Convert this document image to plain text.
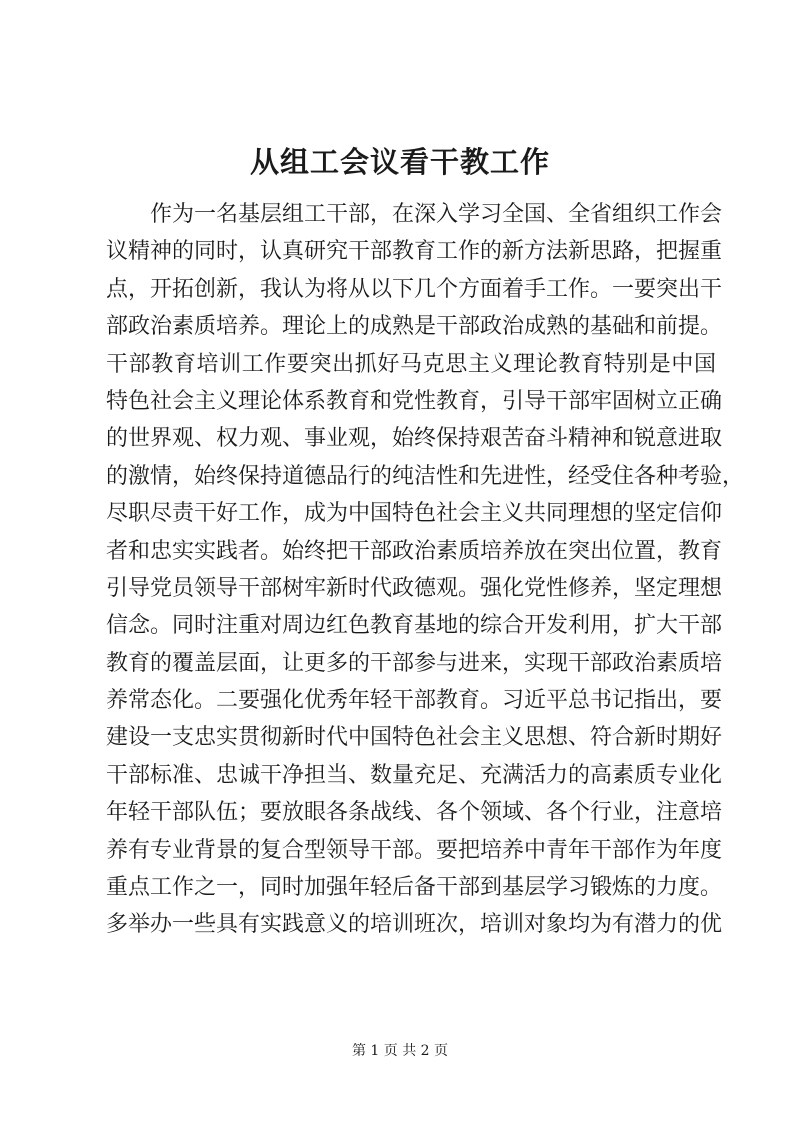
从组工会议看干教工作
作为一名基层组工干部，在深入学习全国、全省组织工作会
议精神的同时，认真研究干部教育工作的新方法新思路，把握重
点，开拓创新，我认为将从以下几个方面着手工作。一要突出干
部政治素质培养。理论上的成熟是干部政治成熟的基础和前提。
干部教育培训工作要突出抓好马克思主义理论教育特别是中国
特色社会主义理论体系教育和党性教育，引导干部牢固树立正确
的世界观、权力观、事业观，始终保持艰苦奋斗精神和锐意进取
的激情，始终保持道德品行的纯洁性和先进性，经受住各种考验，
尽职尽责干好工作，成为中国特色社会主义共同理想的坚定信仰
者和忠实实践者。始终把干部政治素质培养放在突出位置，教育
引导党员领导干部树牢新时代政德观。强化党性修养，坚定理想
信念。同时注重对周边红色教育基地的综合开发利用，扩大干部
教育的覆盖层面，让更多的干部参与进来，实现干部政治素质培
养常态化。二要强化优秀年轻干部教育。习近平总书记指出，要
建设一支忠实贯彻新时代中国特色社会主义思想、符合新时期好
干部标准、忠诚干净担当、数量充足、充满活力的高素质专业化
年轻干部队伍；要放眼各条战线、各个领域、各个行业，注意培
养有专业背景的复合型领导干部。要把培养中青年干部作为年度
重点工作之一，同时加强年轻后备干部到基层学习锻炼的力度。
多举办一些具有实践意义的培训班次，培训对象均为有潜力的优
第 1 页 共 2 页
